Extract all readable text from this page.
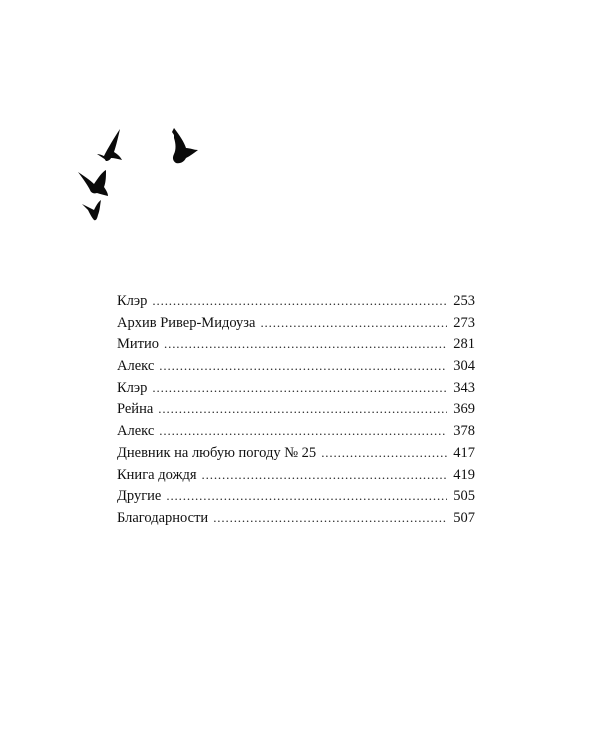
Клэр . . .	253
Архив Ривер-Мидоуза . . .	273
Митио . . .	281
Алекс . . .	304
Клэр . . .	343
Рейна . . .	369
Алекс . . .	378
Дневник на любую погоду № 25 . . .	417
Книга дождя . . .	419
Другие . . .	505
Благодарности . . .	507
